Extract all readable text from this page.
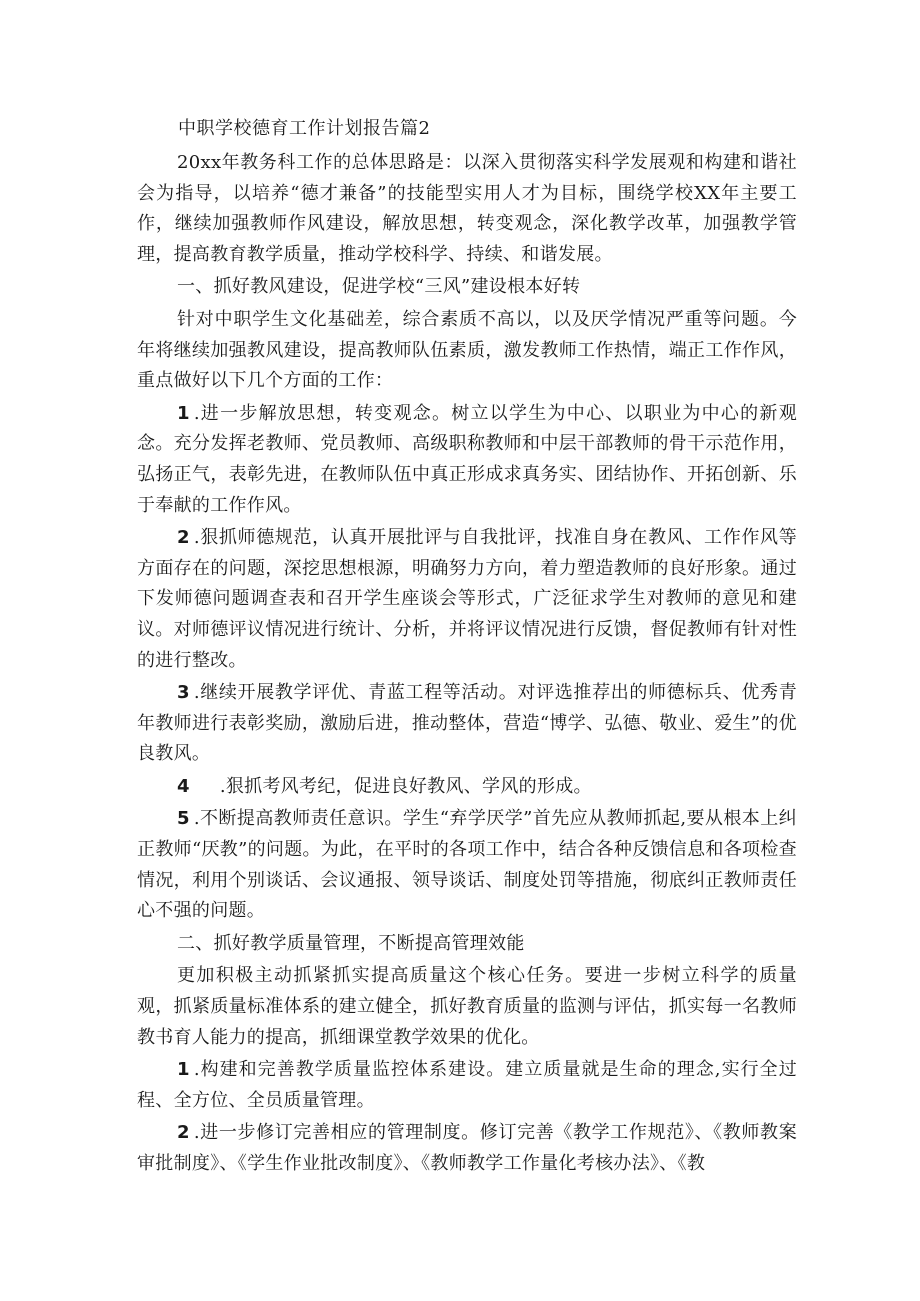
中职学校德育工作计划报告篇2

20xx年教务科工作的总体思路是：以深入贯彻落实科学发展观和构建和谐社会为指导，以培养“德才兼备”的技能型实用人才为目标，围绕学校XX年主要工作，继续加强教师作风建设，解放思想，转变观念，深化教学改革，加强教学管理，提高教育教学质量，推动学校科学、持续、和谐发展。

一、抓好教风建设，促进学校“三风”建设根本好转

针对中职学生文化基础差，综合素质不高以，以及厌学情况严重等问题。今年将继续加强教风建设，提高教师队伍素质，激发教师工作热情，端正工作作风，重点做好以下几个方面的工作：

1 .进一步解放思想，转变观念。树立以学生为中心、以职业为中心的新观念。充分发挥老教师、党员教师、高级职称教师和中层干部教师的骨干示范作用，弘扬正气，表彰先进，在教师队伍中真正形成求真务实、团结协作、开拓创新、乐于奉献的工作作风。

2 .狠抓师德规范，认真开展批评与自我批评，找准自身在教风、工作作风等方面存在的问题，深挖思想根源，明确努力方向，着力塑造教师的良好形象。通过下发师德问题调查表和召开学生座谈会等形式，广泛征求学生对教师的意见和建议。对师德评议情况进行统计、分析，并将评议情况进行反馈，督促教师有针对性的进行整改。

3 .继续开展教学评优、青蓝工程等活动。对评选推荐出的师德标兵、优秀青年教师进行表彰奖励，激励后进，推动整体，营造“博学、弘德、敬业、爱生”的优良教风。

4 .狠抓考风考纪，促进良好教风、学风的形成。

5 .不断提高教师责任意识。学生“弃学厌学”首先应从教师抓起,要从根本上纠正教师“厌教”的问题。为此，在平时的各项工作中，结合各种反馈信息和各项检查情况，利用个别谈话、会议通报、领导谈话、制度处罚等措施，彻底纠正教师责任心不强的问题。

二、抓好教学质量管理，不断提高管理效能

更加积极主动抓紧抓实提高质量这个核心任务。要进一步树立科学的质量观，抓紧质量标准体系的建立健全，抓好教育质量的监测与评估，抓实每一名教师教书育人能力的提高，抓细课堂教学效果的优化。

1 .构建和完善教学质量监控体系建设。建立质量就是生命的理念,实行全过程、全方位、全员质量管理。

2 .进一步修订完善相应的管理制度。修订完善《教学工作规范》、《教师教案审批制度》、《学生作业批改制度》、《教师教学工作量化考核办法》、《教
